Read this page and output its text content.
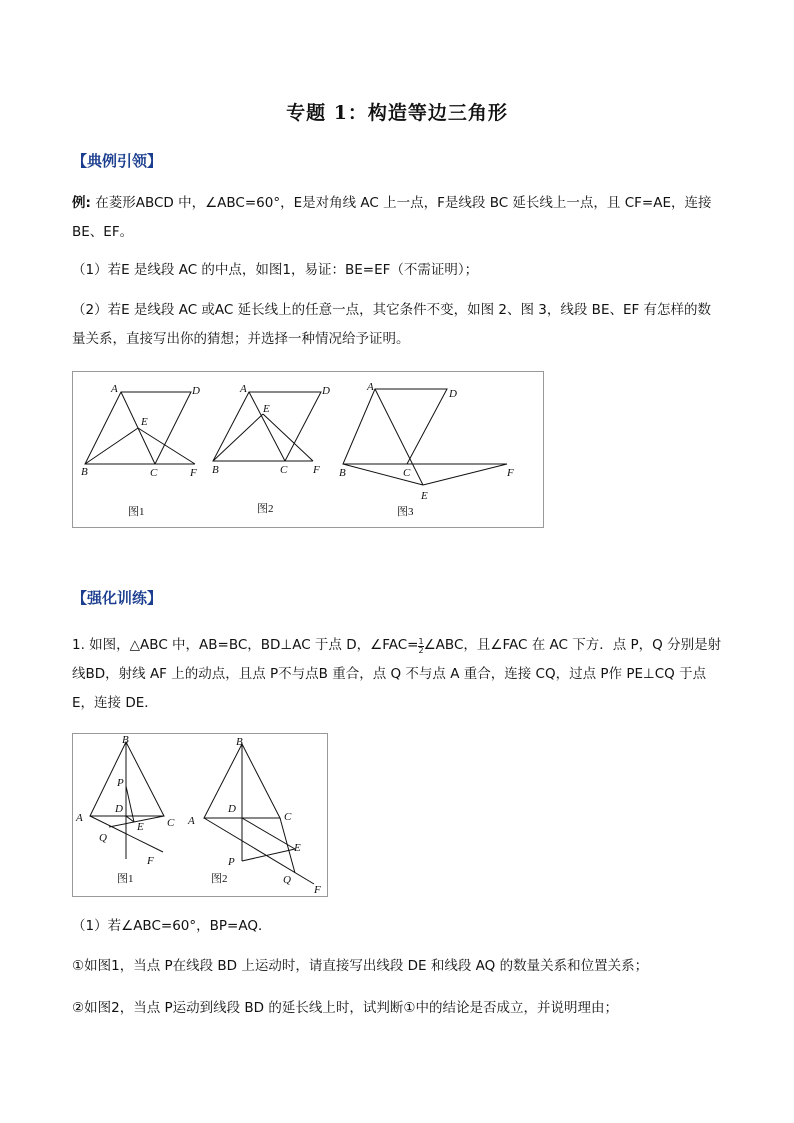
专题 1：构造等边三角形
【典例引领】
例: 在菱形ABCD 中，∠ABC=60°，E是对角线 AC 上一点，F是线段 BC 延长线上一点，且 CF=AE，连接 BE、EF。
（1）若E 是线段 AC 的中点，如图1，易证：BE=EF（不需证明）；
（2）若E 是线段 AC 或AC 延长线上的任意一点，其它条件不变，如图 2、图 3，线段 BE、EF 有怎样的数量关系，直接写出你的猜想；并选择一种情况给予证明。
A	D
E
B	C	F
图1
A	D
E
B	C F
图2
A
D
B	C	F
E
图3
【强化训练】
1. 如图，△ABC 中，AB=BC，BD⊥AC 于点 D，∠FAC= $\frac{1}{2}$ ∠ABC，且∠FAC 在 AC 下方．点 P，Q 分别是射线BD，射线 AF 上的动点，且点 P不与点B 重合，点 Q 不与点 A 重合，连接 CQ，过点 P作 PE⊥CQ 于点E，连接 DE．
B
P
D
A	C
E
Q
F
图1
B
D
A	C
E
P
Q
F
图2
（1）若∠ABC=60°，BP=AQ．
①如图1，当点 P在线段 BD 上运动时，请直接写出线段 DE 和线段 AQ 的数量关系和位置关系；
②如图2，当点 P运动到线段 BD 的延长线上时，试判断①中的结论是否成立，并说明理由；
